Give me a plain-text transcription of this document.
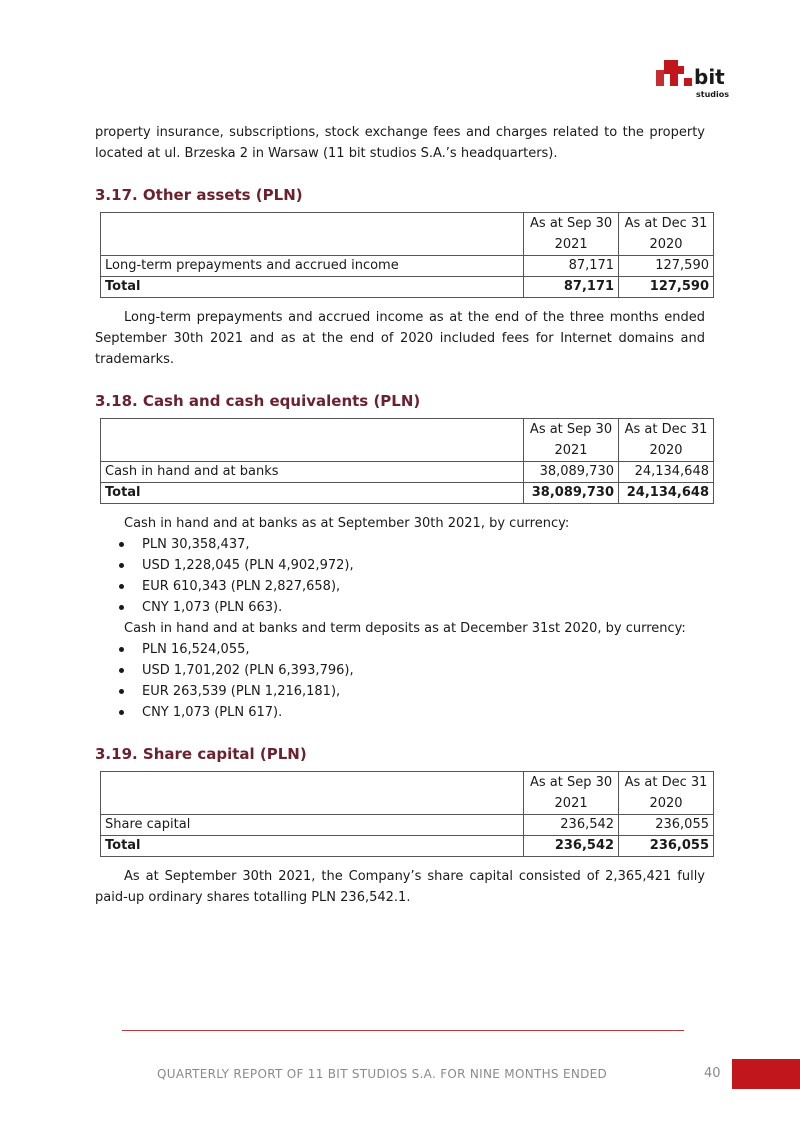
bit
studios

property insurance, subscriptions, stock exchange fees and charges related to the property located at ul. Brzeska 2 in Warsaw (11 bit studios S.A.’s headquarters).

3.17. Other assets (PLN)
	As at Sep 30 2021	As at Dec 31 2020
Long-term prepayments and accrued income	87,171	127,590
Total	87,171	127,590

Long-term prepayments and accrued income as at the end of the three months ended September 30th 2021 and as at the end of 2020 included fees for Internet domains and trademarks.

3.18. Cash and cash equivalents (PLN)
	As at Sep 30 2021	As at Dec 31 2020
Cash in hand and at banks	38,089,730	24,134,648
Total	38,089,730	24,134,648

Cash in hand and at banks as at September 30th 2021, by currency:

PLN 30,358,437,
USD 1,228,045 (PLN 4,902,972),
EUR 610,343 (PLN 2,827,658),
CNY 1,073 (PLN 663).

Cash in hand and at banks and term deposits as at December 31st 2020, by currency:

PLN 16,524,055,
USD 1,701,202 (PLN 6,393,796),
EUR 263,539 (PLN 1,216,181),
CNY 1,073 (PLN 617).
3.19. Share capital (PLN)
	As at Sep 30 2021	As at Dec 31 2020
Share capital	236,542	236,055
Total	236,542	236,055

As at September 30th 2021, the Company’s share capital consisted of 2,365,421 fully paid-up ordinary shares totalling PLN 236,542.1.

QUARTERLY REPORT OF 11 BIT STUDIOS S.A. FOR NINE MONTHS ENDED	40
